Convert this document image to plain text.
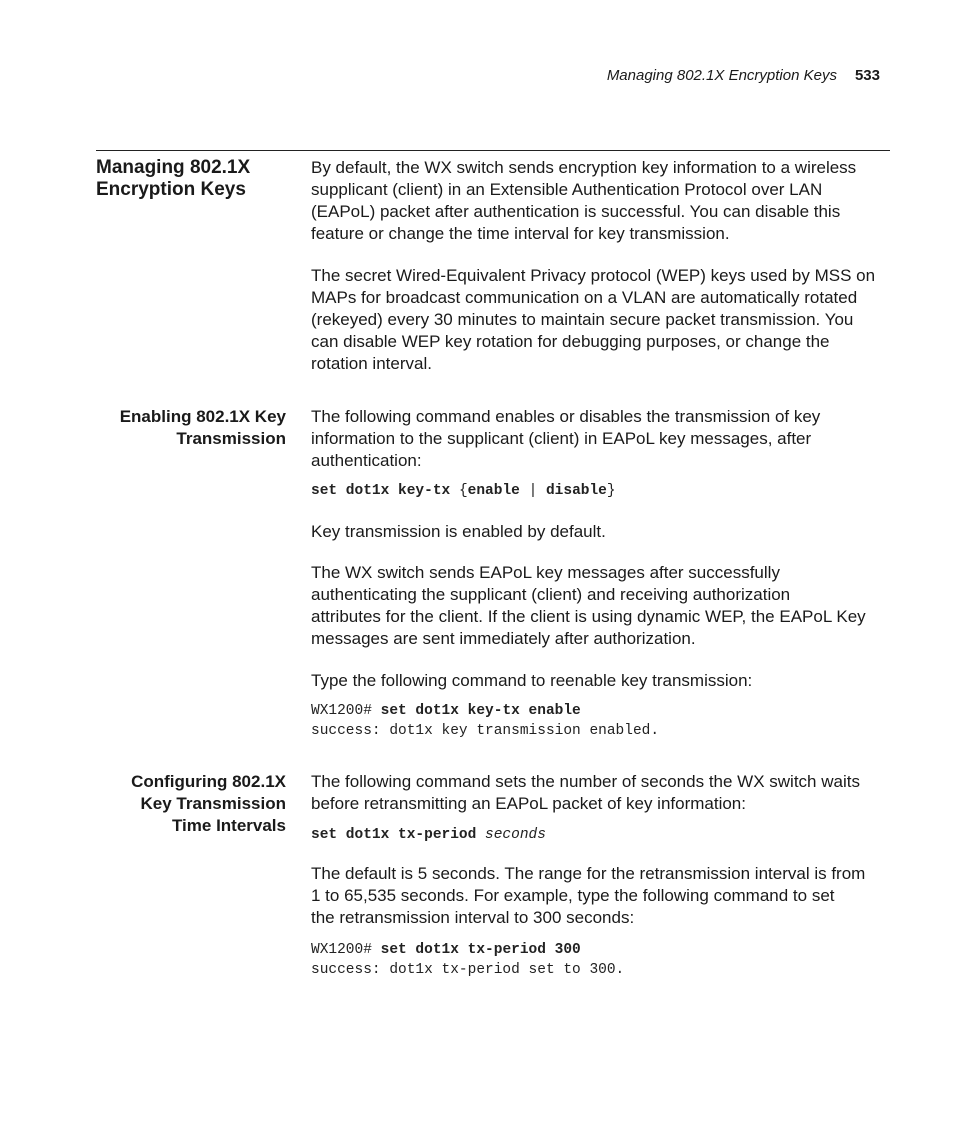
Managing 802.1X Encryption Keys 533
Managing 802.1X
Encryption Keys
By default, the WX switch sends encryption key information to a wireless
supplicant (client) in an Extensible Authentication Protocol over LAN
(EAPoL) packet after authentication is successful. You can disable this
feature or change the time interval for key transmission.
The secret Wired-Equivalent Privacy protocol (WEP) keys used by MSS on
MAPs for broadcast communication on a VLAN are automatically rotated
(rekeyed) every 30 minutes to maintain secure packet transmission. You
can disable WEP key rotation for debugging purposes, or change the
rotation interval.
Enabling 802.1X Key
Transmission
The following command enables or disables the transmission of key
information to the supplicant (client) in EAPoL key messages, after
authentication:
set dot1x key-tx {enable | disable}
Key transmission is enabled by default.
The WX switch sends EAPoL key messages after successfully
authenticating the supplicant (client) and receiving authorization
attributes for the client. If the client is using dynamic WEP, the EAPoL Key
messages are sent immediately after authorization.
Type the following command to reenable key transmission:
WX1200# set dot1x key-tx enable
success: dot1x key transmission enabled.
Configuring 802.1X
Key Transmission
Time Intervals
The following command sets the number of seconds the WX switch waits
before retransmitting an EAPoL packet of key information:
set dot1x tx-period seconds
The default is 5 seconds. The range for the retransmission interval is from
1 to 65,535 seconds. For example, type the following command to set
the retransmission interval to 300 seconds:
WX1200# set dot1x tx-period 300
success: dot1x tx-period set to 300.
